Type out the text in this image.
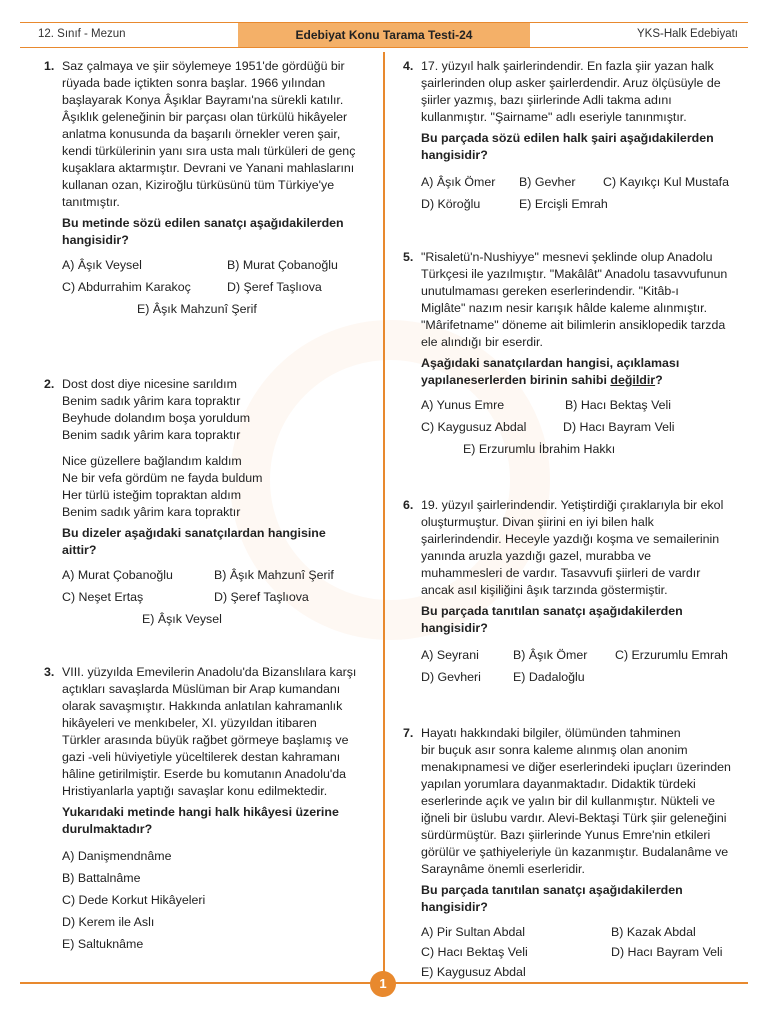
12. Sınıf - Mezun	Edebiyat Konu Tarama Testi-24	YKS-Halk Edebiyatı
1. Saz çalmaya ve şiir söylemeye 1951'de gördüğü bir

rüyada bade içtikten sonra başlar. 1966 yılından

başlayarak Konya Âşıklar Bayramı'na sürekli katılır.

Âşıklık geleneğinin bir parçası olan türkülü hikâyeler

anlatma konusunda da başarılı örnekler veren şair,

kendi türkülerinin yanı sıra usta malı türküleri de genç

kuşaklara aktarmıştır. Devrani ve Yanani mahlaslarını

kullanan ozan, Kiziroğlu türküsünü tüm Türkiye'ye

tanıtmıştır.

Bu metinde sözü edilen sanatçı aşağıdakilerden

hangisidir?

A) Âşık Veysel	B) Murat Çobanoğlu
C) Abdurrahim Karakoç	D) Şeref Taşlıova
E) Âşık Mahzunî Şerif
2. Dost dost diye nicesine sarıldım

Benim sadık yârim kara topraktır

Beyhude dolandım boşa yoruldum

Benim sadık yârim kara topraktır

Nice güzellere bağlandım kaldım

Ne bir vefa gördüm ne fayda buldum

Her türlü isteğim topraktan aldım

Benim sadık yârim kara topraktır

Bu dizeler aşağıdaki sanatçılardan hangisine

aittir?

A) Murat Çobanoğlu	B) Âşık Mahzunî Şerif
C) Neşet Ertaş	D) Şeref Taşlıova
E) Âşık Veysel
3. VIII. yüzyılda Emevilerin Anadolu'da Bizanslılara karşı

açtıkları savaşlarda Müslüman bir Arap kumandanı

olarak savaşmıştır. Hakkında anlatılan kahramanlık

hikâyeleri ve menkıbeler, XI. yüzyıldan itibaren

Türkler arasında büyük rağbet görmeye başlamış ve

gazi -veli hüviyetiyle yüceltilerek destan kahramanı

hâline getirilmiştir. Eserde bu komutanın Anadolu'da

Hristiyanlarla yaptığı savaşlar konu edilmektedir.

Yukarıdaki metinde hangi halk hikâyesi üzerine

durulmaktadır?

A) Danişmendnâme
B) Battalnâme
C) Dede Korkut Hikâyeleri
D) Kerem ile Aslı
E) Saltuknâme
4. 17. yüzyıl halk şairlerindendir. En fazla şiir yazan halk

şairlerinden olup asker şairlerdendir. Aruz ölçüsüyle de

şiirler yazmış, bazı şiirlerinde Adli takma adını

kullanmıştır. "Şairname" adlı eseriyle tanınmıştır.

Bu parçada sözü edilen halk şairi aşağıdakilerden

hangisidir?

A) Âşık Ömer	B) Gevher	C) Kayıkçı Kul Mustafa
D) Köroğlu	E) Ercişli Emrah
5. "Risaletü'n-Nushiyye" mesnevi şeklinde olup Anadolu

Türkçesi ile yazılmıştır. "Makâlât" Anadolu tasavvufunun

unutulmaması gereken eserlerindendir. "Kitâb-ı

Miglâte" nazım nesir karışık hâlde kaleme alınmıştır.

"Mârifetname" döneme ait bilimlerin ansiklopedik tarzda

ele alındığı bir eserdir.

Aşağıdaki sanatçılardan hangisi, açıklaması

yapılaneserlerden birinin sahibi değildir?

A) Yunus Emre	B) Hacı Bektaş Veli
C) Kaygusuz Abdal	D) Hacı Bayram Veli
E) Erzurumlu İbrahim Hakkı
6. 19. yüzyıl şairlerindendir. Yetiştirdiği çıraklarıyla bir ekol

oluşturmuştur. Divan şiirini en iyi bilen halk

şairlerindendir. Heceyle yazdığı koşma ve semailerinin

yanında aruzla yazdığı gazel, murabba ve

muhammesleri de vardır. Tasavvufi şiirleri de vardır

ancak asıl kişiliğini âşık tarzında göstermiştir.

Bu parçada tanıtılan sanatçı aşağıdakilerden

hangisidir?

A) Seyrani	B) Âşık Ömer	C) Erzurumlu Emrah
D) Gevheri	E) Dadaloğlu
7. Hayatı hakkındaki bilgiler, ölümünden tahminen

bir buçuk asır sonra kaleme alınmış olan anonim

menakıpnamesi ve diğer eserlerindeki ipuçları üzerinden

yapılan yorumlara dayanmaktadır. Didaktik türdeki

eserlerinde açık ve yalın bir dil kullanmıştır. Nükteli ve

iğneli bir üslubu vardır. Alevi-Bektaşi Türk şiir geleneğini

sürdürmüştür. Bazı şiirlerinde Yunus Emre'nin etkileri

görülür ve şathiyeleriyle ün kazanmıştır. Budalanâme ve

Saraynâme önemli eserleridir.

Bu parçada tanıtılan sanatçı aşağıdakilerden

hangisidir?

A) Pir Sultan Abdal	B) Kazak Abdal
C) Hacı Bektaş Veli	D) Hacı Bayram Veli
E) Kaygusuz Abdal
1
